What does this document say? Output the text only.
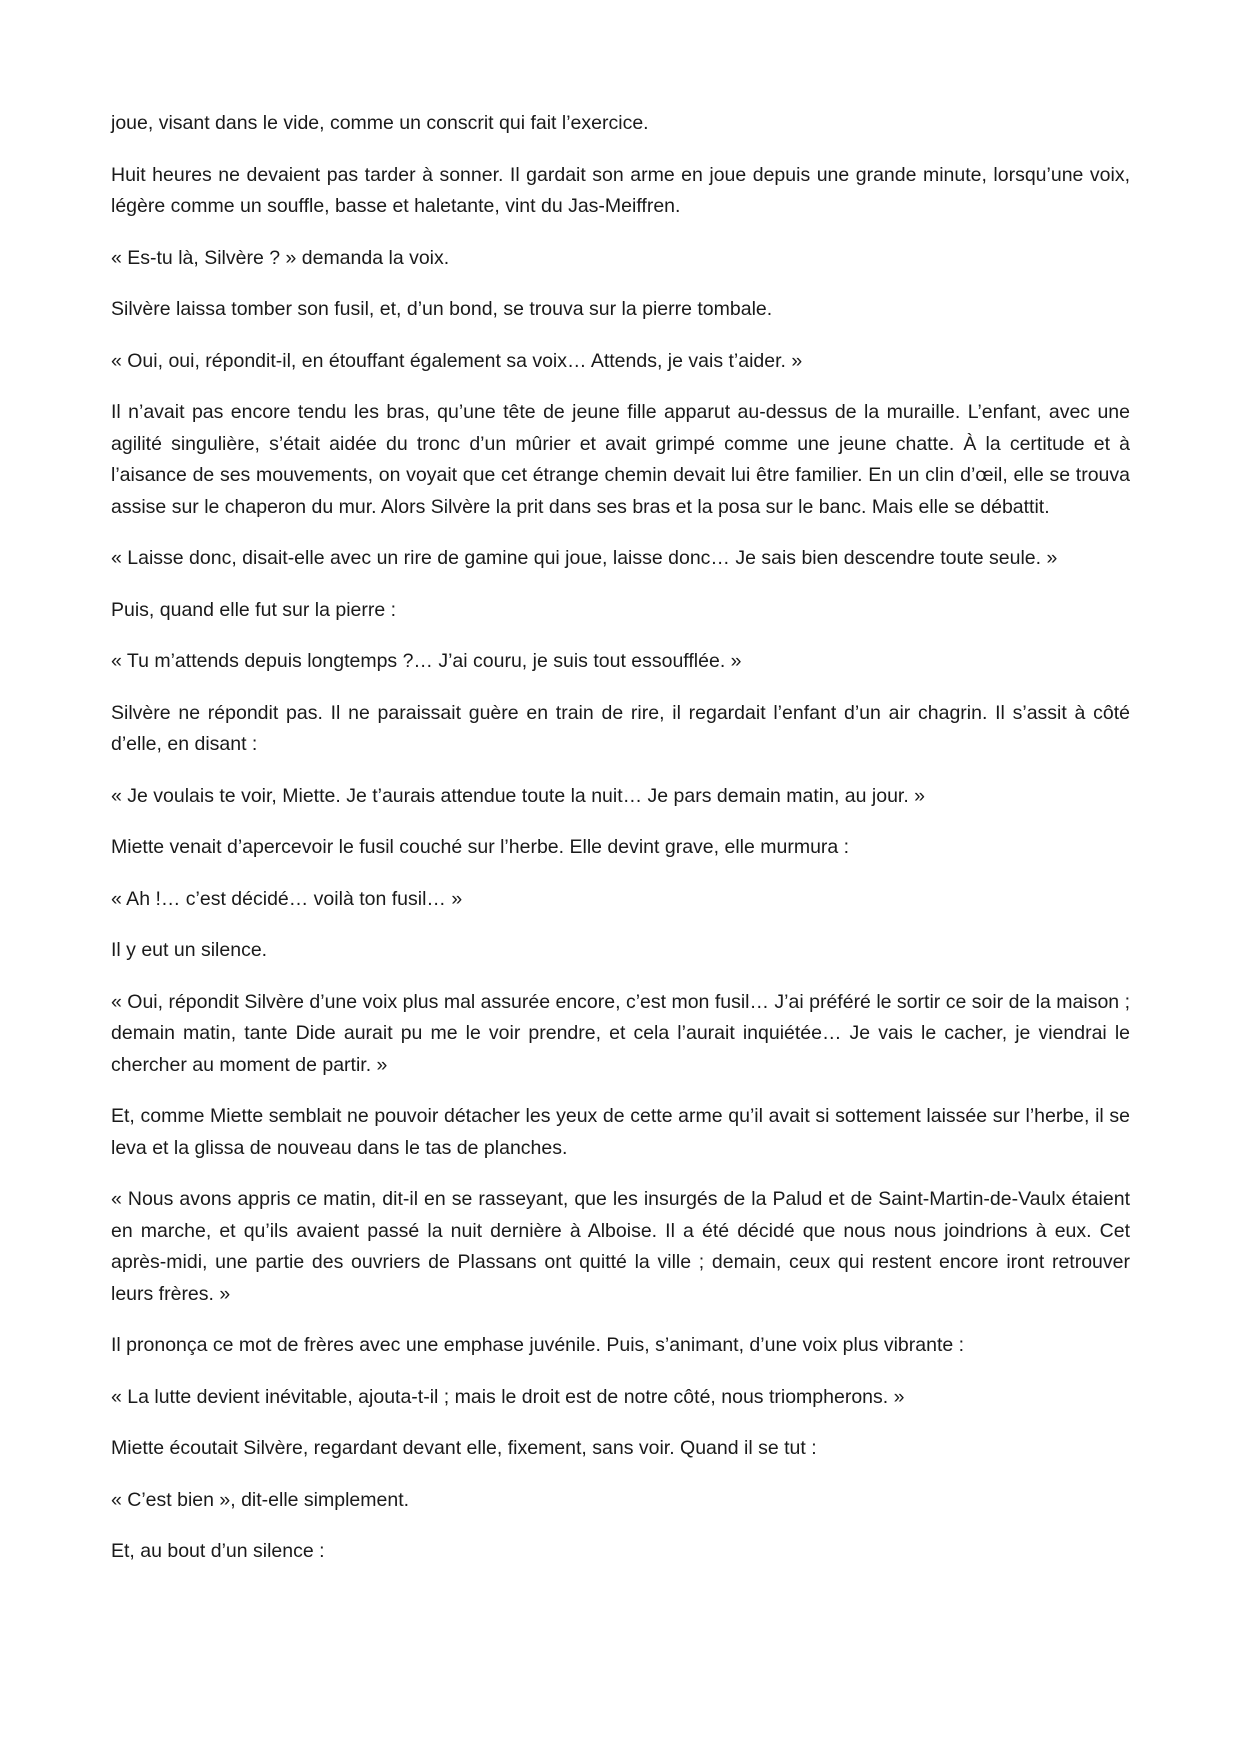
joue, visant dans le vide, comme un conscrit qui fait l’exercice.

Huit heures ne devaient pas tarder à sonner. Il gardait son arme en joue depuis une grande minute, lorsqu’une voix, légère comme un souffle, basse et haletante, vint du Jas-Meiffren.

« Es-tu là, Silvère ? » demanda la voix.

Silvère laissa tomber son fusil, et, d’un bond, se trouva sur la pierre tombale.

« Oui, oui, répondit-il, en étouffant également sa voix… Attends, je vais t’aider. »

Il n’avait pas encore tendu les bras, qu’une tête de jeune fille apparut au-dessus de la muraille. L’enfant, avec une agilité singulière, s’était aidée du tronc d’un mûrier et avait grimpé comme une jeune chatte. À la certitude et à l’aisance de ses mouvements, on voyait que cet étrange chemin devait lui être familier. En un clin d’œil, elle se trouva assise sur le chaperon du mur. Alors Silvère la prit dans ses bras et la posa sur le banc. Mais elle se débattit.

« Laisse donc, disait-elle avec un rire de gamine qui joue, laisse donc… Je sais bien descendre toute seule. »

Puis, quand elle fut sur la pierre :

« Tu m’attends depuis longtemps ?… J’ai couru, je suis tout essoufflée. »

Silvère ne répondit pas. Il ne paraissait guère en train de rire, il regardait l’enfant d’un air chagrin. Il s’assit à côté d’elle, en disant :

« Je voulais te voir, Miette. Je t’aurais attendue toute la nuit… Je pars demain matin, au jour. »

Miette venait d’apercevoir le fusil couché sur l’herbe. Elle devint grave, elle murmura :

« Ah !… c’est décidé… voilà ton fusil… »

Il y eut un silence.

« Oui, répondit Silvère d’une voix plus mal assurée encore, c’est mon fusil… J’ai préféré le sortir ce soir de la maison ; demain matin, tante Dide aurait pu me le voir prendre, et cela l’aurait inquiétée… Je vais le cacher, je viendrai le chercher au moment de partir. »

Et, comme Miette semblait ne pouvoir détacher les yeux de cette arme qu’il avait si sottement laissée sur l’herbe, il se leva et la glissa de nouveau dans le tas de planches.

« Nous avons appris ce matin, dit-il en se rasseyant, que les insurgés de la Palud et de Saint-Martin-de-Vaulx étaient en marche, et qu’ils avaient passé la nuit dernière à Alboise. Il a été décidé que nous nous joindrions à eux. Cet après-midi, une partie des ouvriers de Plassans ont quitté la ville ; demain, ceux qui restent encore iront retrouver leurs frères. »

Il prononça ce mot de frères avec une emphase juvénile. Puis, s’animant, d’une voix plus vibrante :

« La lutte devient inévitable, ajouta-t-il ; mais le droit est de notre côté, nous triompherons. »

Miette écoutait Silvère, regardant devant elle, fixement, sans voir. Quand il se tut :

« C’est bien », dit-elle simplement.

Et, au bout d’un silence :
